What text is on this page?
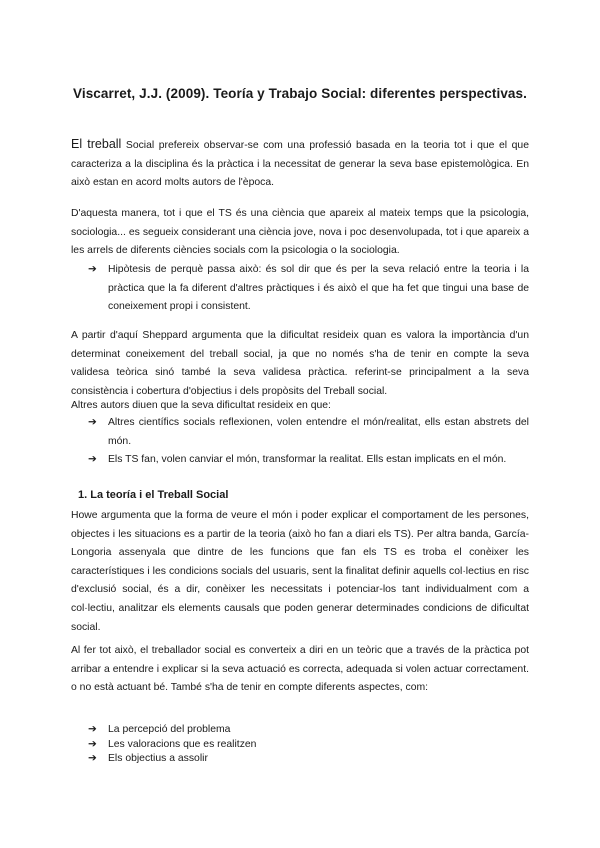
Viscarret, J.J. (2009). Teoría y Trabajo Social: diferentes perspectivas.

El treball Social prefereix observar-se com una professió basada en la teoria tot i que el que caracteriza a la disciplina és la pràctica i la necessitat de generar la seva base epistemològica. En això estan en acord molts autors de l'època.

D'aquesta manera, tot i que el TS és una ciència que apareix al mateix temps que la psicologia, sociologia... es segueix considerant una ciència jove, nova i poc desenvolupada, tot i que apareix a les arrels de diferents ciències socials com la psicologia o la sociologia.

➔ Hipòtesis de perquè passa això: és sol dir que és per la seva relació entre la teoria i la pràctica que la fa diferent d'altres pràctiques i és això el que ha fet que tingui una base de coneixement propi i consistent.

A partir d'aquí Sheppard argumenta que la dificultat resideix quan es valora la importància d'un determinat coneixement del treball social, ja que no només s'ha de tenir en compte la seva validesa teòrica sinó també la seva validesa pràctica. referint-se principalment a la seva consistència i cobertura d'objectius i dels propòsits del Treball social.

Altres autors diuen que la seva dificultat resideix en que:

➔ Altres científics socials reflexionen, volen entendre el món/realitat, ells estan abstrets del món.
➔ Els TS fan, volen canviar el món, transformar la realitat. Ells estan implicats en el món.
1. La teoría i el Treball Social

Howe argumenta que la forma de veure el món i poder explicar el comportament de les persones, objectes i les situacions es a partir de la teoria (això ho fan a diari els TS). Per altra banda, García-Longoria assenyala que dintre de les funcions que fan els TS es troba el conèixer les característiques i les condicions socials del usuaris, sent la finalitat definir aquells col·lectius en risc d'exclusió social, és a dir, conèixer les necessitats i potenciar-los tant individualment com a col·lectiu, analitzar els elements causals que poden generar determinades condicions de dificultat social.

Al fer tot això, el treballador social es converteix a diri en un teòric que a través de la pràctica pot arribar a entendre i explicar si la seva actuació es correcta, adequada si volen actuar correctament. o no està actuant bé. També s'ha de tenir en compte diferents aspectes, com:

➔ La percepció del problema
➔ Les valoracions que es realitzen
➔ Els objectius a assolir
